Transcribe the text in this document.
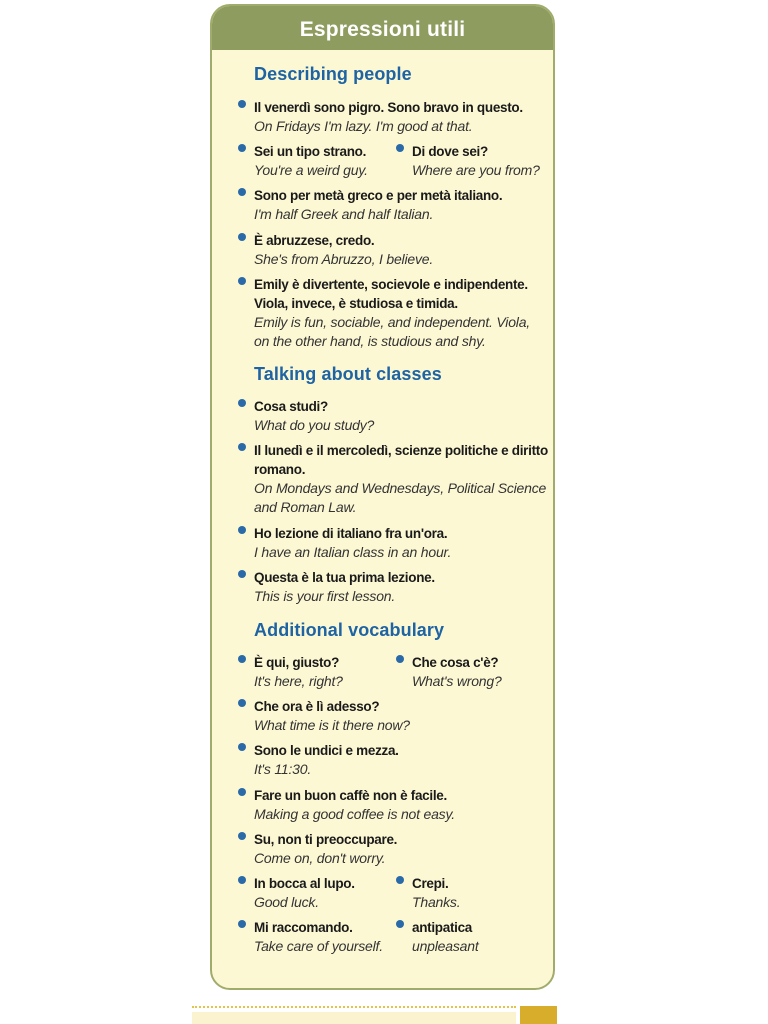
Espressioni utili
Describing people
Il venerdì sono pigro. Sono bravo in questo.
On Fridays I'm lazy. I'm good at that.
Sei un tipo strano.
You're a weird guy.
Di dove sei?
Where are you from?
Sono per metà greco e per metà italiano.
I'm half Greek and half Italian.
È abruzzese, credo.
She's from Abruzzo, I believe.
Emily è divertente, socievole e indipendente. Viola, invece, è studiosa e timida.
Emily is fun, sociable, and independent. Viola, on the other hand, is studious and shy.
Talking about classes
Cosa studi?
What do you study?
Il lunedì e il mercoledì, scienze politiche e diritto romano.
On Mondays and Wednesdays, Political Science and Roman Law.
Ho lezione di italiano fra un'ora.
I have an Italian class in an hour.
Questa è la tua prima lezione.
This is your first lesson.
Additional vocabulary
È qui, giusto?
It's here, right?
Che cosa c'è?
What's wrong?
Che ora è lì adesso?
What time is it there now?
Sono le undici e mezza.
It's 11:30.
Fare un buon caffè non è facile.
Making a good coffee is not easy.
Su, non ti preoccupare.
Come on, don't worry.
In bocca al lupo.
Good luck.
Crepi.
Thanks.
Mi raccomando.
Take care of yourself.
antipatica
unpleasant
